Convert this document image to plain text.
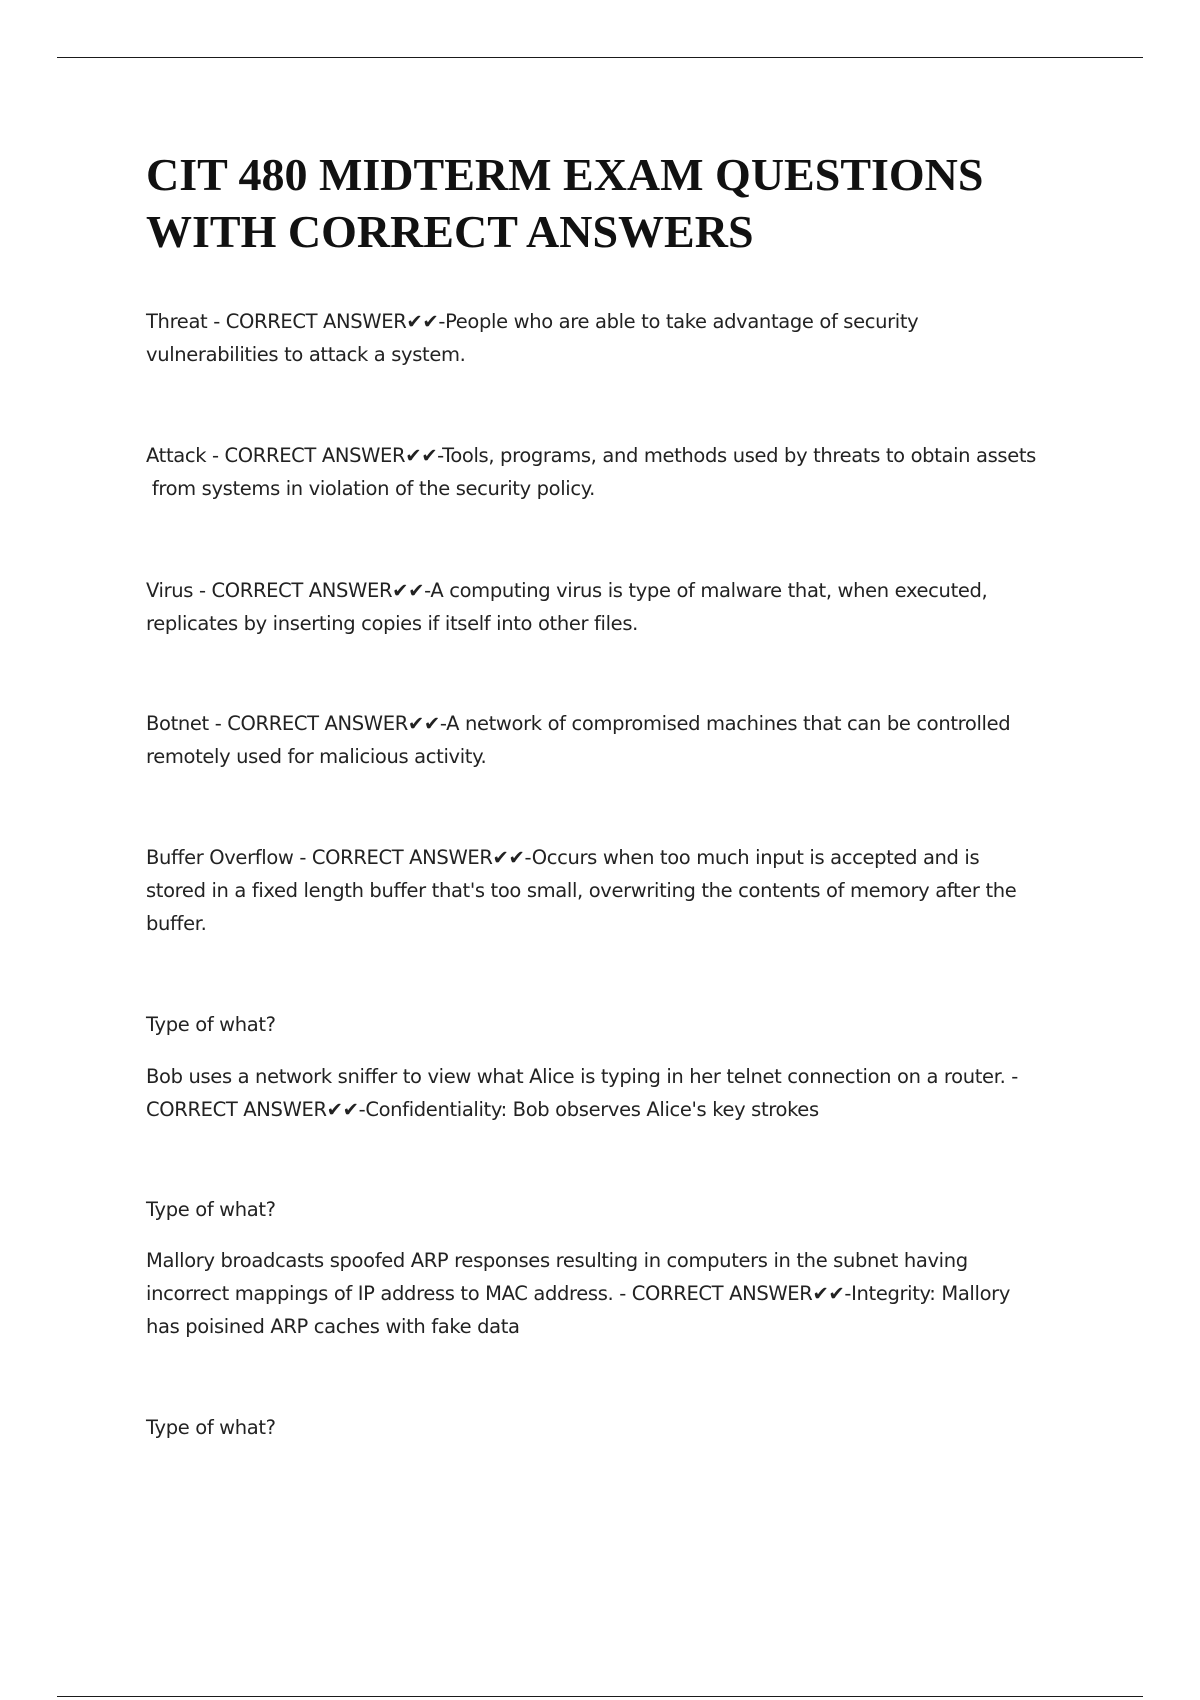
CIT 480 MIDTERM EXAM QUESTIONS
WITH CORRECT ANSWERS

Threat - CORRECT ANSWER✔✔-People who are able to take advantage of security
vulnerabilities to attack a system.

Attack - CORRECT ANSWER✔✔-Tools, programs, and methods used by threats to obtain assets
from systems in violation of the security policy.

Virus - CORRECT ANSWER✔✔-A computing virus is type of malware that, when executed,
replicates by inserting copies if itself into other files.

Botnet - CORRECT ANSWER✔✔-A network of compromised machines that can be controlled
remotely used for malicious activity.

Buffer Overflow - CORRECT ANSWER✔✔-Occurs when too much input is accepted and is
stored in a fixed length buffer that's too small, overwriting the contents of memory after the
buffer.

Type of what?

Bob uses a network sniffer to view what Alice is typing in her telnet connection on a router. -
CORRECT ANSWER✔✔-Confidentiality: Bob observes Alice's key strokes

Type of what?

Mallory broadcasts spoofed ARP responses resulting in computers in the subnet having
incorrect mappings of IP address to MAC address. - CORRECT ANSWER✔✔-Integrity: Mallory
has poisined ARP caches with fake data

Type of what?
